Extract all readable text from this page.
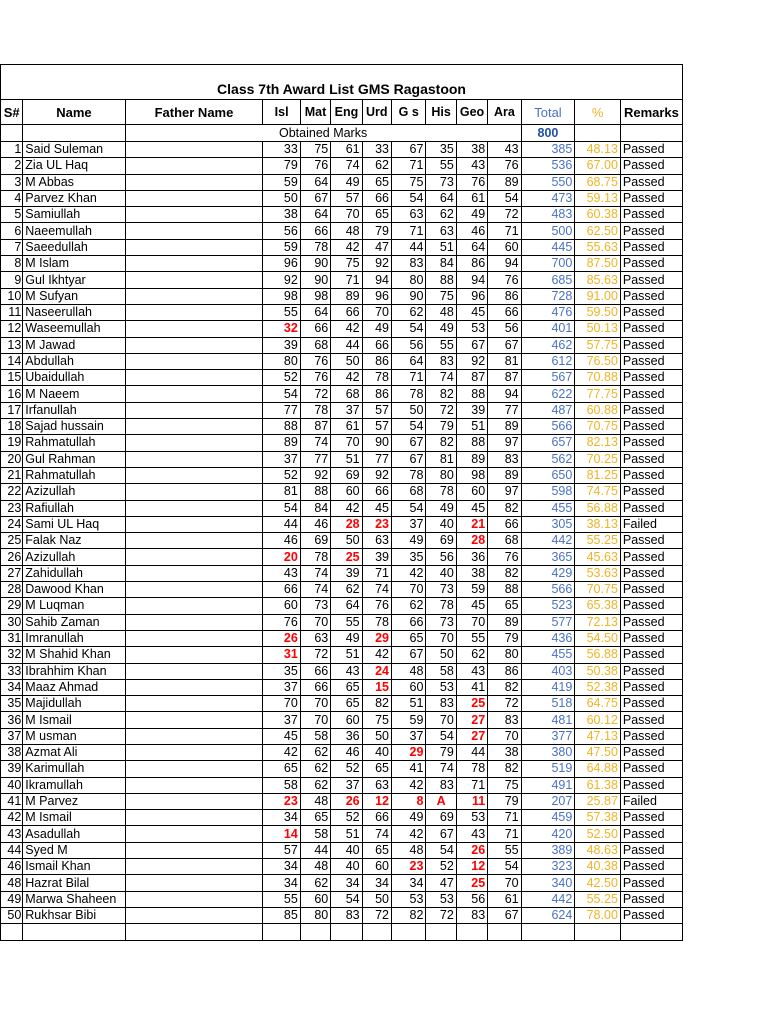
Class 7th Award List GMS Ragastoon													
S#	Name	Father Name	Isl	Mat	Eng	Urd	G s	His	Geo	Ara	Total	%	Remarks
		Obtained Marks									800		
1	Said Suleman		33	75	61	33	67	35	38	43	385	48.13	Passed
2	Zia UL Haq		79	76	74	62	71	55	43	76	536	67.00	Passed
3	M Abbas		59	64	49	65	75	73	76	89	550	68.75	Passed
4	Parvez Khan		50	67	57	66	54	64	61	54	473	59.13	Passed
5	Samiullah		38	64	70	65	63	62	49	72	483	60.38	Passed
6	Naeemullah		56	66	48	79	71	63	46	71	500	62.50	Passed
7	Saeedullah		59	78	42	47	44	51	64	60	445	55.63	Passed
8	M Islam		96	90	75	92	83	84	86	94	700	87.50	Passed
9	Gul Ikhtyar		92	90	71	94	80	88	94	76	685	85.63	Passed
10	M Sufyan		98	98	89	96	90	75	96	86	728	91.00	Passed
11	Naseerullah		55	64	66	70	62	48	45	66	476	59.50	Passed
12	Waseemullah		32	66	42	49	54	49	53	56	401	50.13	Passed
13	M Jawad		39	68	44	66	56	55	67	67	462	57.75	Passed
14	Abdullah		80	76	50	86	64	83	92	81	612	76.50	Passed
15	Ubaidullah		52	76	42	78	71	74	87	87	567	70.88	Passed
16	M Naeem		54	72	68	86	78	82	88	94	622	77.75	Passed
17	Irfanullah		77	78	37	57	50	72	39	77	487	60.88	Passed
18	Sajad hussain		88	87	61	57	54	79	51	89	566	70.75	Passed
19	Rahmatullah		89	74	70	90	67	82	88	97	657	82.13	Passed
20	Gul Rahman		37	77	51	77	67	81	89	83	562	70.25	Passed
21	Rahmatullah		52	92	69	92	78	80	98	89	650	81.25	Passed
22	Azizullah		81	88	60	66	68	78	60	97	598	74.75	Passed
23	Rafiullah		54	84	42	45	54	49	45	82	455	56.88	Passed
24	Sami UL Haq		44	46	28	23	37	40	21	66	305	38.13	Failed
25	Falak Naz		46	69	50	63	49	69	28	68	442	55.25	Passed
26	Azizullah		20	78	25	39	35	56	36	76	365	45.63	Passed
27	Zahidullah		43	74	39	71	42	40	38	82	429	53.63	Passed
28	Dawood Khan		66	74	62	74	70	73	59	88	566	70.75	Passed
29	M Luqman		60	73	64	76	62	78	45	65	523	65.38	Passed
30	Sahib Zaman		76	70	55	78	66	73	70	89	577	72.13	Passed
31	Imranullah		26	63	49	29	65	70	55	79	436	54.50	Passed
32	M Shahid Khan		31	72	51	42	67	50	62	80	455	56.88	Passed
33	Ibrahhim Khan		35	66	43	24	48	58	43	86	403	50.38	Passed
34	Maaz Ahmad		37	66	65	15	60	53	41	82	419	52.38	Passed
35	Majidullah		70	70	65	82	51	83	25	72	518	64.75	Passed
36	M Ismail		37	70	60	75	59	70	27	83	481	60.12	Passed
37	M usman		45	58	36	50	37	54	27	70	377	47.13	Passed
38	Azmat Ali		42	62	46	40	29	79	44	38	380	47.50	Passed
39	Karimullah		65	62	52	65	41	74	78	82	519	64.88	Passed
40	Ikramullah		58	62	37	63	42	83	71	75	491	61.38	Passed
41	M Parvez		23	48	26	12	8	A	11	79	207	25.87	Failed
42	M Ismail		34	65	52	66	49	69	53	71	459	57.38	Passed
43	Asadullah		14	58	51	74	42	67	43	71	420	52.50	Passed
44	Syed M		57	44	40	65	48	54	26	55	389	48.63	Passed
46	Ismail Khan		34	48	40	60	23	52	12	54	323	40.38	Passed
48	Hazrat Bilal		34	62	34	34	34	47	25	70	340	42.50	Passed
49	Marwa Shaheen		55	60	54	50	53	53	56	61	442	55.25	Passed
50	Rukhsar Bibi		85	80	83	72	82	72	83	67	624	78.00	Passed
